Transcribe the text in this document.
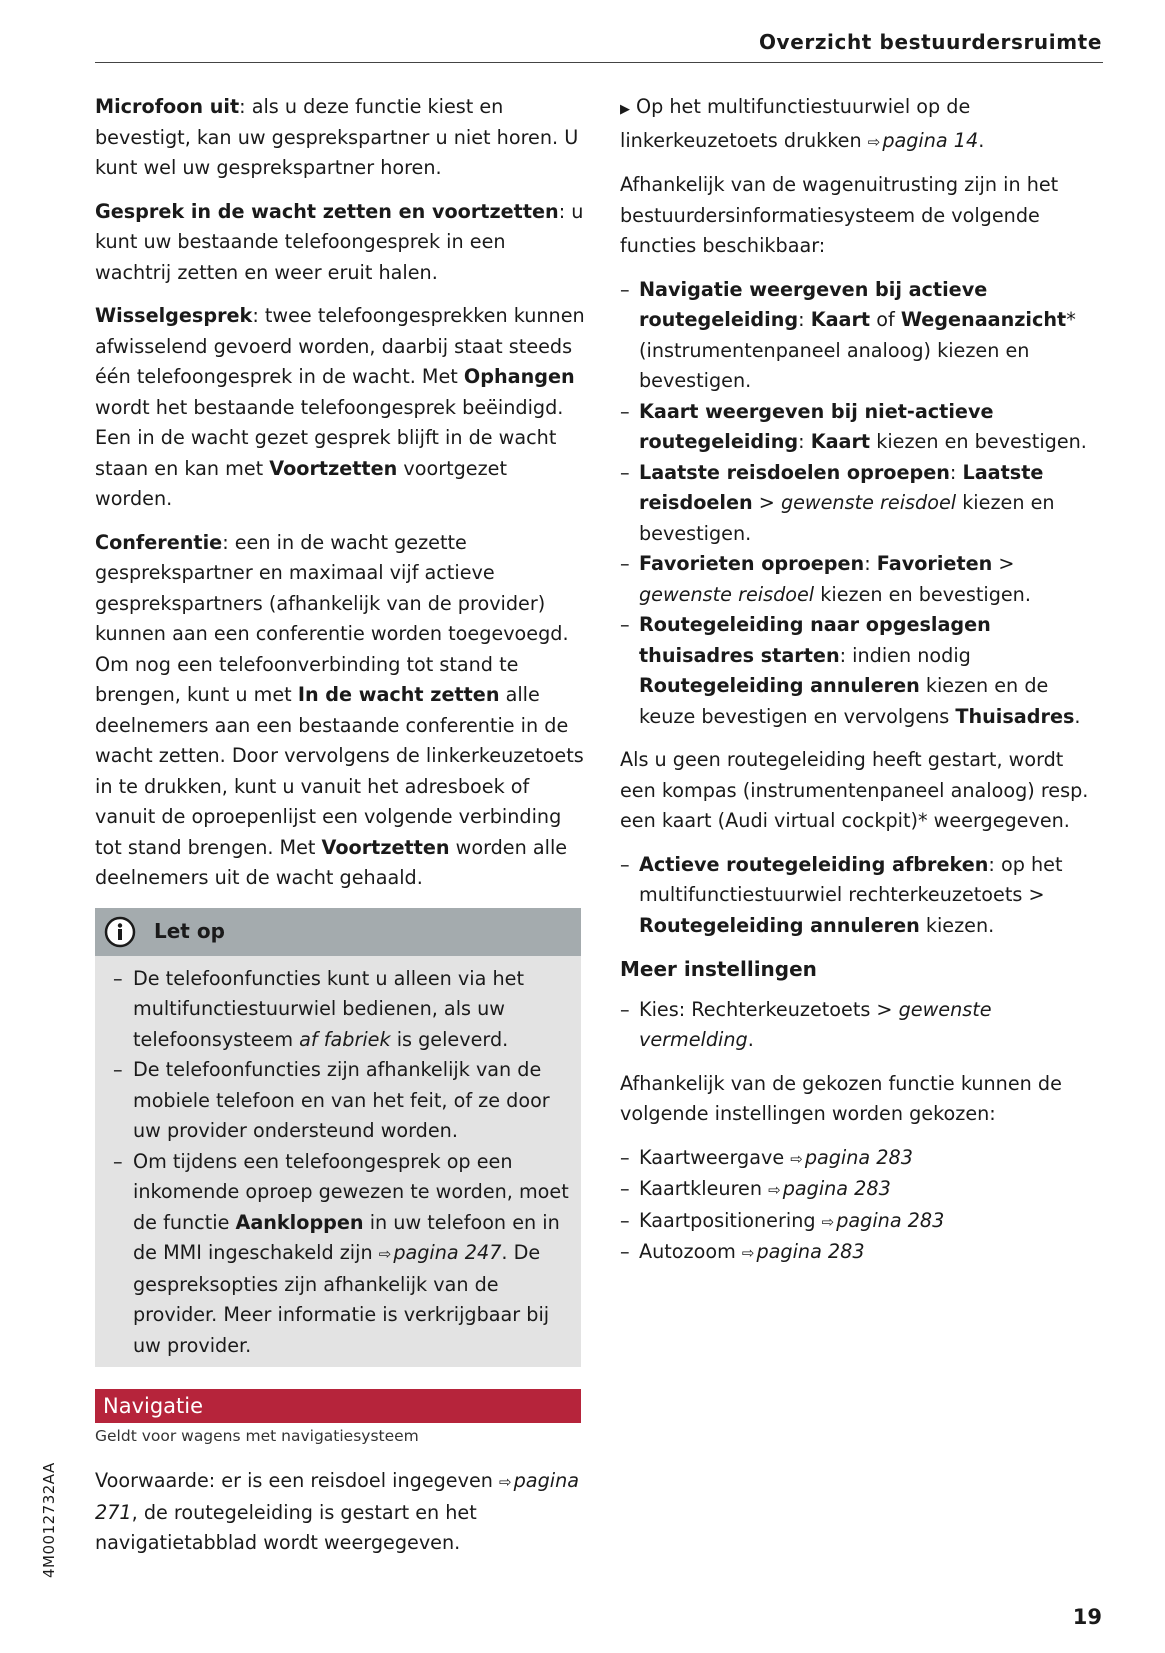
Overzicht bestuurdersruimte

Microfoon uit: als u deze functie kiest en bevestigt, kan uw gesprekspartner u niet horen. U kunt wel uw gesprekspartner horen.

Gesprek in de wacht zetten en voortzetten: u kunt uw bestaande telefoongesprek in een wachtrij zetten en weer eruit halen.

Wisselgesprek: twee telefoongesprekken kunnen afwisselend gevoerd worden, daarbij staat steeds één telefoongesprek in de wacht. Met Ophangen wordt het bestaande telefoongesprek beëindigd. Een in de wacht gezet gesprek blijft in de wacht staan en kan met Voortzetten voortgezet worden.

Conferentie: een in de wacht gezette gesprekspartner en maximaal vijf actieve gesprekspartners (afhankelijk van de provider) kunnen aan een conferentie worden toegevoegd. Om nog een telefoonverbinding tot stand te brengen, kunt u met In de wacht zetten alle deelnemers aan een bestaande conferentie in de wacht zetten. Door vervolgens de linkerkeuzetoets in te drukken, kunt u vanuit het adresboek of vanuit de oproepenlijst een volgende verbinding tot stand brengen. Met Voortzetten worden alle deelnemers uit de wacht gehaald.

Let op
– De telefoonfuncties kunt u alleen via het multifunctiestuurwiel bedienen, als uw telefoonsysteem af fabriek is geleverd.
– De telefoonfuncties zijn afhankelijk van de mobiele telefoon en van het feit, of ze door uw provider ondersteund worden.
– Om tijdens een telefoongesprek op een inkomende oproep gewezen te worden, moet de functie Aankloppen in uw telefoon en in de MMI ingeschakeld zijn ⇨ pagina 247. De gespreksopties zijn afhankelijk van de provider. Meer informatie is verkrijgbaar bij uw provider.
Navigatie
Geldt voor wagens met navigatiesysteem
Voorwaarde: er is een reisdoel ingegeven ⇨ pagina 271, de routegeleiding is gestart en het navigatietabblad wordt weergegeven.

▶ Op het multifunctiestuurwiel op de linkerkeuzetoets drukken ⇨ pagina 14.

Afhankelijk van de wagenuitrusting zijn in het bestuurdersinformatiesysteem de volgende functies beschikbaar:

– Navigatie weergeven bij actieve routegeleiding: Kaart of Wegenaanzicht* (instrumentenpaneel analoog) kiezen en bevestigen.
– Kaart weergeven bij niet-actieve routegeleiding: Kaart kiezen en bevestigen.
– Laatste reisdoelen oproepen: Laatste reisdoelen > gewenste reisdoel kiezen en bevestigen.
– Favorieten oproepen: Favorieten > gewenste reisdoel kiezen en bevestigen.
– Routegeleiding naar opgeslagen thuisadres starten: indien nodig Routegeleiding annuleren kiezen en de keuze bevestigen en vervolgens Thuisadres.

Als u geen routegeleiding heeft gestart, wordt een kompas (instrumentenpaneel analoog) resp. een kaart (Audi virtual cockpit)* weergegeven.

– Actieve routegeleiding afbreken: op het multifunctiestuurwiel rechterkeuzetoets > Routegeleiding annuleren kiezen.
Meer instellingen
– Kies: Rechterkeuzetoets > gewenste vermelding.

Afhankelijk van de gekozen functie kunnen de volgende instellingen worden gekozen:

– Kaartweergave ⇨ pagina 283
– Kaartkleuren ⇨ pagina 283
– Kaartpositionering ⇨ pagina 283
– Autozoom ⇨ pagina 283
4M0012732AA
19
